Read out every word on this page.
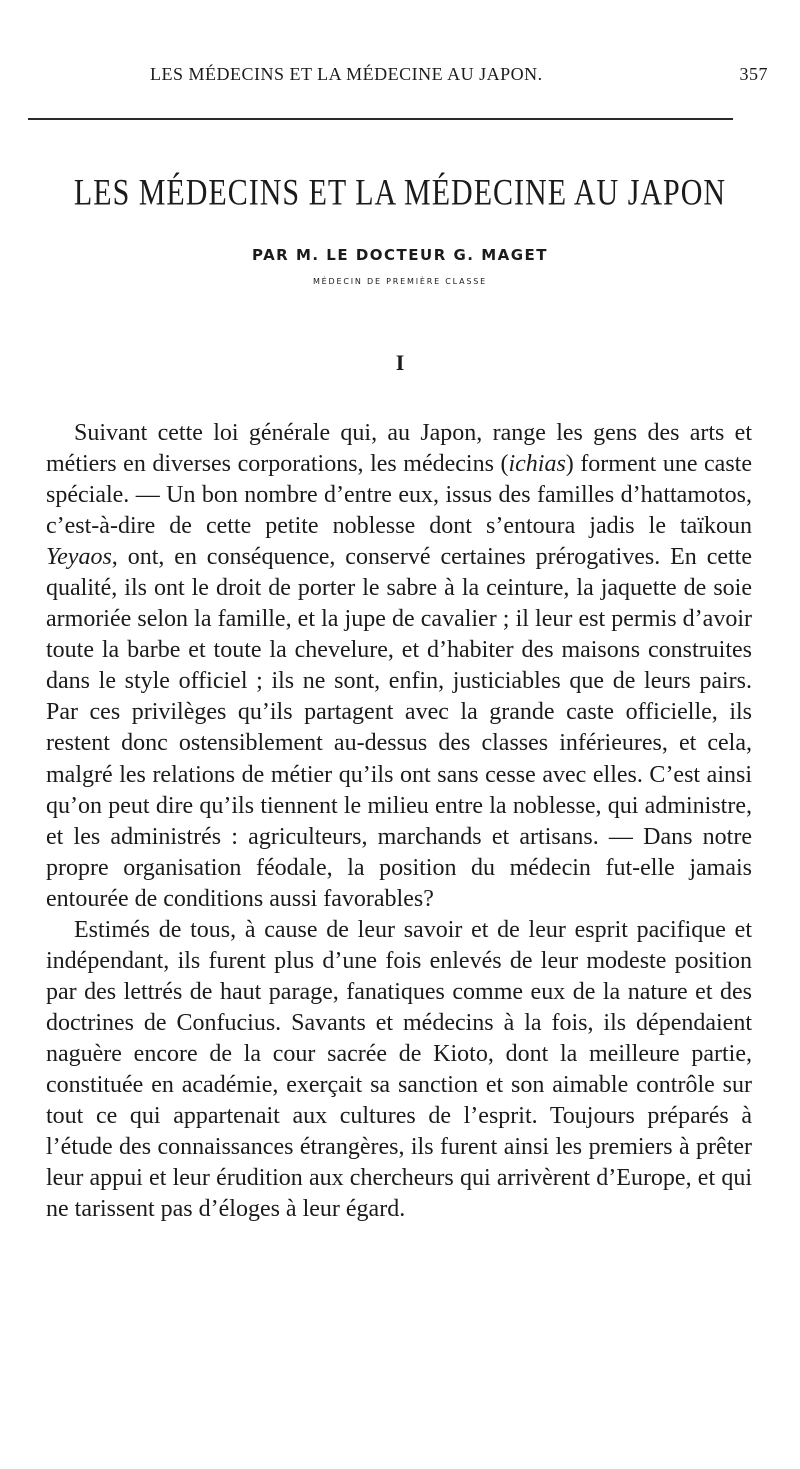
LES MÉDECINS ET LA MÉDECINE AU JAPON.	357
LES MÉDECINS ET LA MÉDECINE AU JAPON
PAR M. LE DOCTEUR G. MAGET
MÉDECIN DE PREMIÈRE CLASSE
I

Suivant cette loi générale qui, au Japon, range les gens des arts et métiers en diverses corporations, les médecins (ichias) forment une caste spéciale. — Un bon nombre d’entre eux, issus des familles d’hattamotos, c’est-à-dire de cette petite noblesse dont s’entoura jadis le taïkoun Yeyaos, ont, en conséquence, conservé certaines prérogatives. En cette qualité, ils ont le droit de porter le sabre à la ceinture, la jaquette de soie armoriée selon la famille, et la jupe de cavalier ; il leur est permis d’avoir toute la barbe et toute la chevelure, et d’habiter des maisons construites dans le style officiel ; ils ne sont, enfin, justiciables que de leurs pairs. Par ces privilèges qu’ils partagent avec la grande caste officielle, ils restent donc ostensiblement au-dessus des classes inférieures, et cela, malgré les relations de métier qu’ils ont sans cesse avec elles. C’est ainsi qu’on peut dire qu’ils tiennent le milieu entre la noblesse, qui administre, et les administrés : agriculteurs, marchands et artisans. — Dans notre propre organisation féodale, la position du médecin fut-elle jamais entourée de conditions aussi favorables?

Estimés de tous, à cause de leur savoir et de leur esprit pacifique et indépendant, ils furent plus d’une fois enlevés de leur modeste position par des lettrés de haut parage, fanatiques comme eux de la nature et des doctrines de Confucius. Savants et médecins à la fois, ils dépendaient naguère encore de la cour sacrée de Kioto, dont la meilleure partie, constituée en académie, exerçait sa sanction et son aimable contrôle sur tout ce qui appartenait aux cultures de l’esprit. Toujours préparés à l’étude des connaissances étrangères, ils furent ainsi les premiers à prêter leur appui et leur érudition aux chercheurs qui arrivèrent d’Europe, et qui ne tarissent pas d’éloges à leur égard.
